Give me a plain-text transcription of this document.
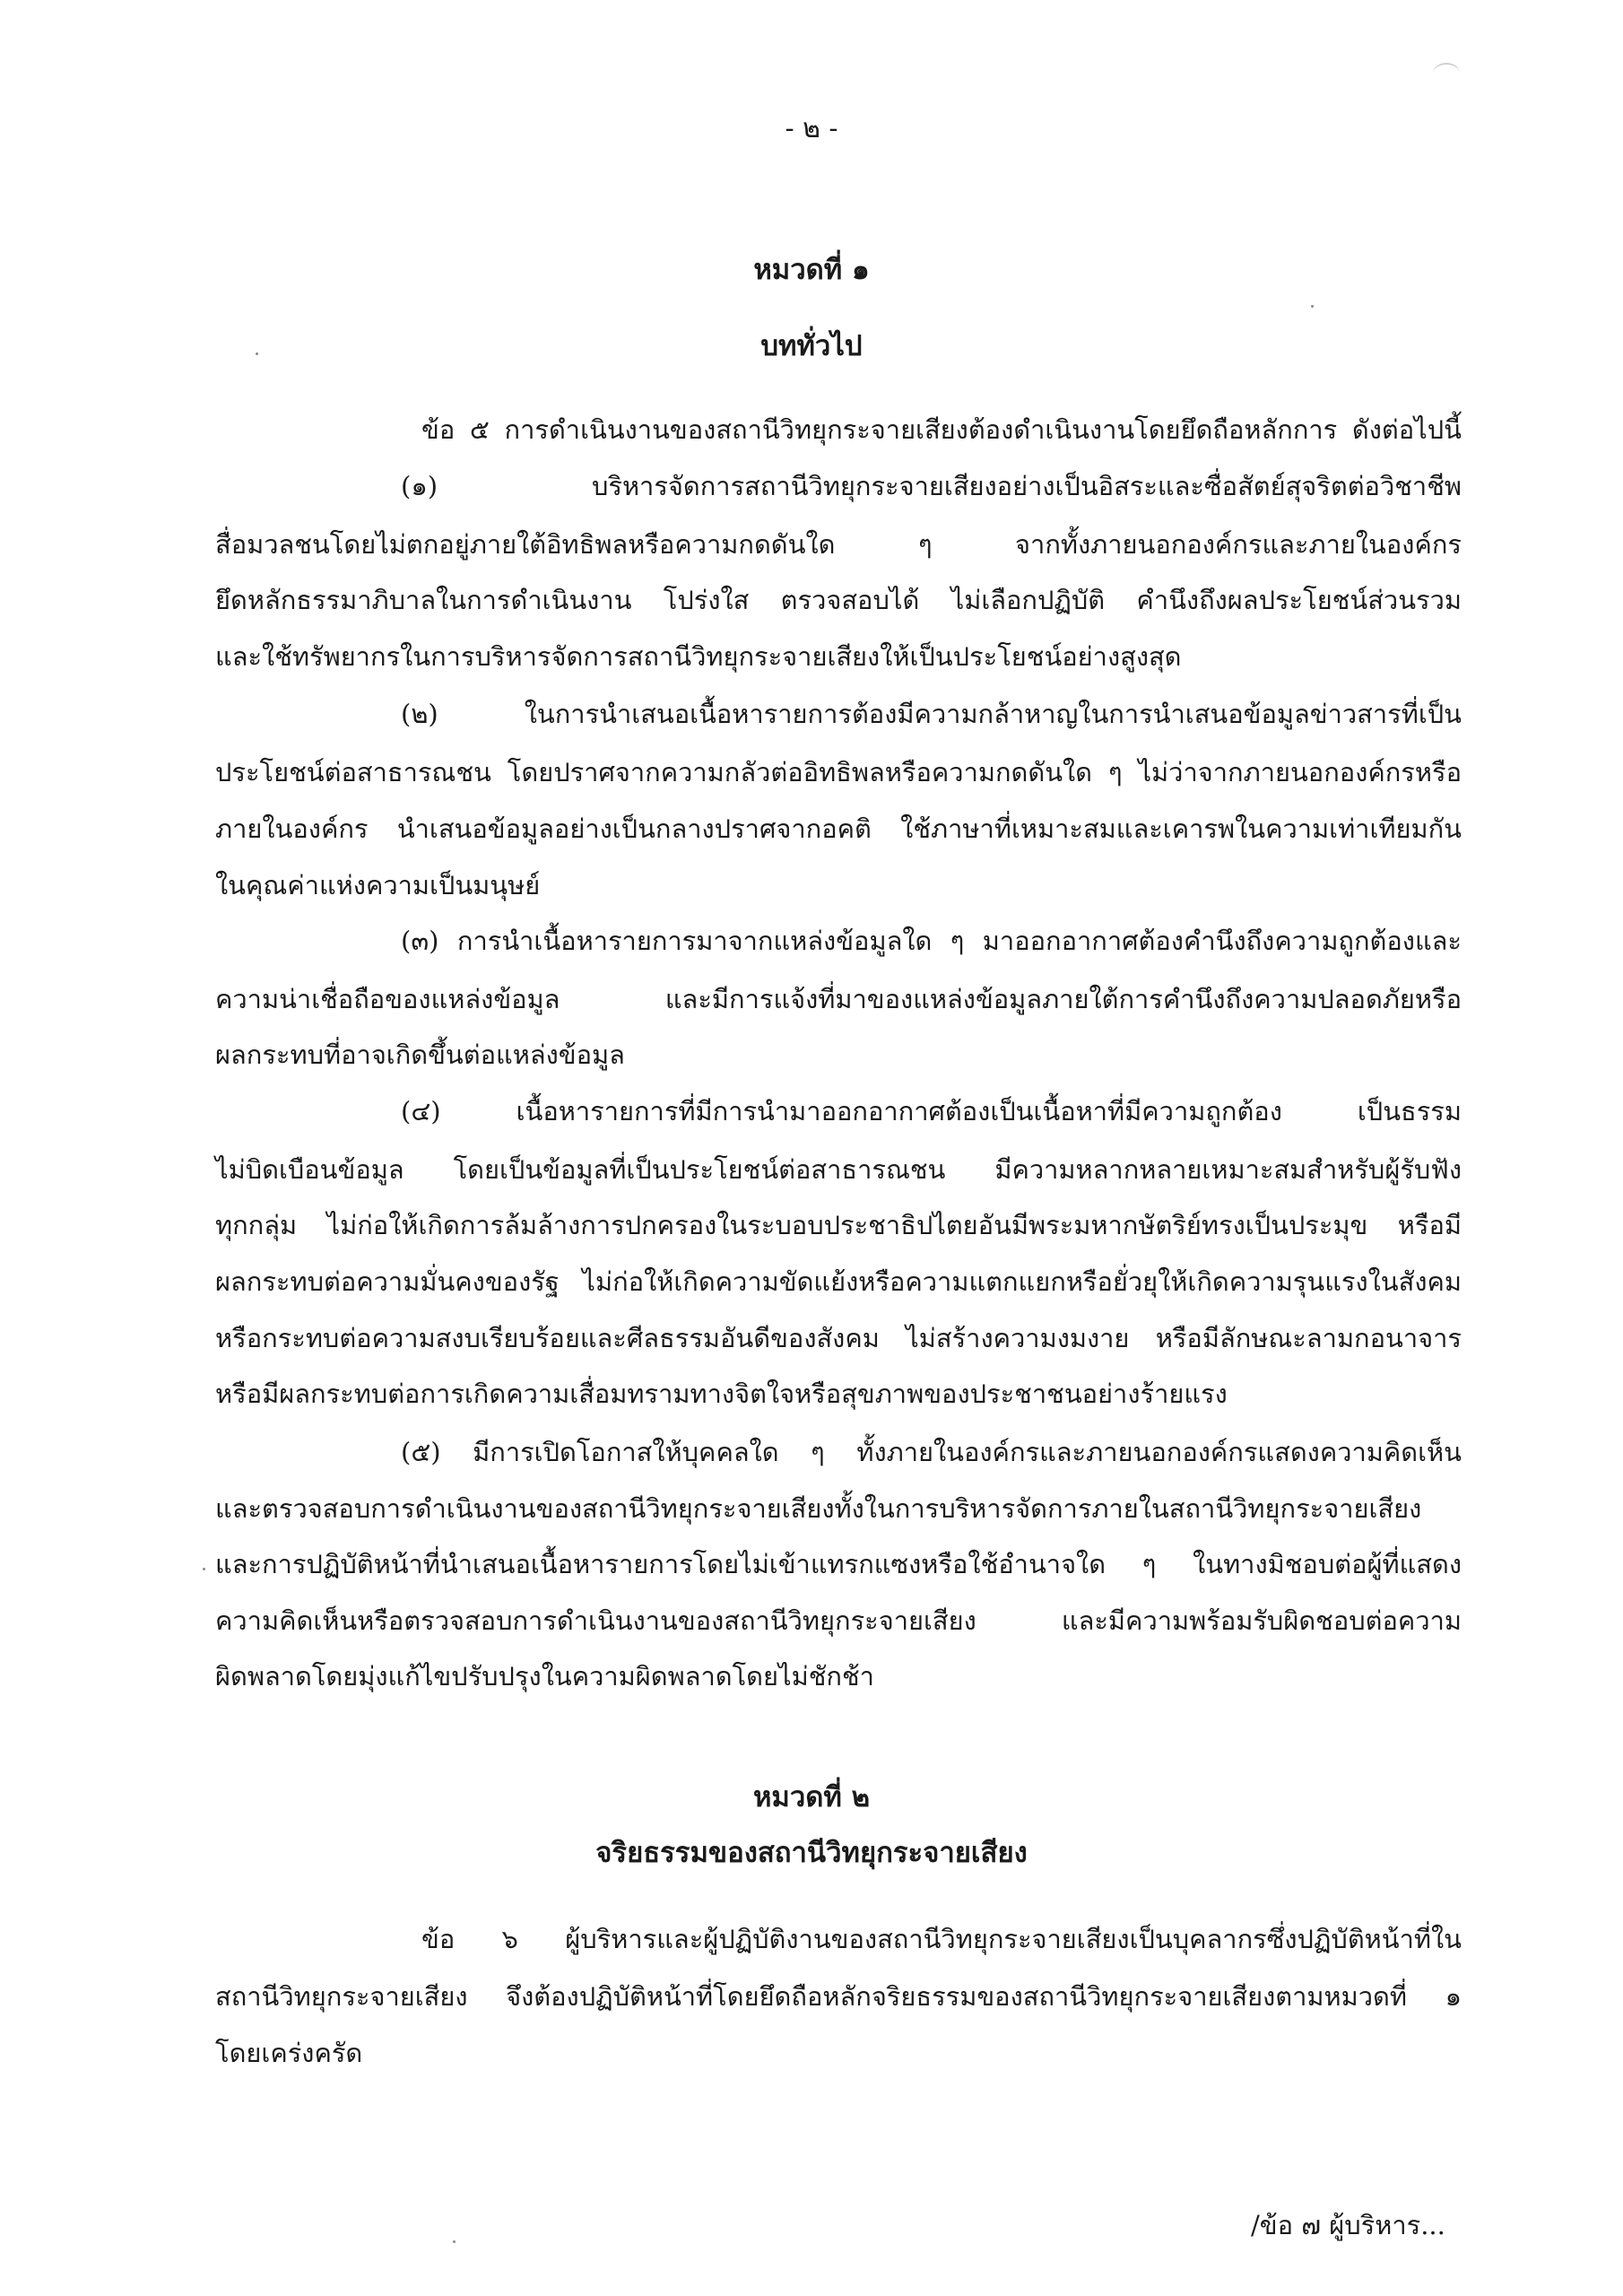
- ๒ -
หมวดที่ ๑
บททั่วไป
ข้อ ๕ การดำเนินงานของสถานีวิทยุกระจายเสียงต้องดำเนินงานโดยยึดถือหลักการ ดังต่อไปนี้
(๑) บริหารจัดการสถานีวิทยุกระจายเสียงอย่างเป็นอิสระและซื่อสัตย์สุจริตต่อวิชาชีพ
สื่อมวลชนโดยไม่ตกอยู่ภายใต้อิทธิพลหรือความกดดันใด ๆ จากทั้งภายนอกองค์กรและภายในองค์กร
ยึดหลักธรรมาภิบาลในการดำเนินงาน โปร่งใส ตรวจสอบได้ ไม่เลือกปฏิบัติ คำนึงถึงผลประโยชน์ส่วนรวม
และใช้ทรัพยากรในการบริหารจัดการสถานีวิทยุกระจายเสียงให้เป็นประโยชน์อย่างสูงสุด
(๒) ในการนำเสนอเนื้อหารายการต้องมีความกล้าหาญในการนำเสนอข้อมูลข่าวสารที่เป็น
ประโยชน์ต่อสาธารณชน โดยปราศจากความกลัวต่ออิทธิพลหรือความกดดันใด ๆ ไม่ว่าจากภายนอกองค์กรหรือ
ภายในองค์กร นำเสนอข้อมูลอย่างเป็นกลางปราศจากอคติ ใช้ภาษาที่เหมาะสมและเคารพในความเท่าเทียมกัน
ในคุณค่าแห่งความเป็นมนุษย์
(๓) การนำเนื้อหารายการมาจากแหล่งข้อมูลใด ๆ มาออกอากาศต้องคำนึงถึงความถูกต้องและ
ความน่าเชื่อถือของแหล่งข้อมูล และมีการแจ้งที่มาของแหล่งข้อมูลภายใต้การคำนึงถึงความปลอดภัยหรือ
ผลกระทบที่อาจเกิดขึ้นต่อแหล่งข้อมูล
(๔) เนื้อหารายการที่มีการนำมาออกอากาศต้องเป็นเนื้อหาที่มีความถูกต้อง เป็นธรรม
ไม่บิดเบือนข้อมูล โดยเป็นข้อมูลที่เป็นประโยชน์ต่อสาธารณชน มีความหลากหลายเหมาะสมสำหรับผู้รับฟัง
ทุกกลุ่ม ไม่ก่อให้เกิดการล้มล้างการปกครองในระบอบประชาธิปไตยอันมีพระมหากษัตริย์ทรงเป็นประมุข หรือมี
ผลกระทบต่อความมั่นคงของรัฐ ไม่ก่อให้เกิดความขัดแย้งหรือความแตกแยกหรือยั่วยุให้เกิดความรุนแรงในสังคม
หรือกระทบต่อความสงบเรียบร้อยและศีลธรรมอันดีของสังคม ไม่สร้างความงมงาย หรือมีลักษณะลามกอนาจาร
หรือมีผลกระทบต่อการเกิดความเสื่อมทรามทางจิตใจหรือสุขภาพของประชาชนอย่างร้ายแรง
(๕) มีการเปิดโอกาสให้บุคคลใด ๆ ทั้งภายในองค์กรและภายนอกองค์กรแสดงความคิดเห็น
และตรวจสอบการดำเนินงานของสถานีวิทยุกระจายเสียงทั้งในการบริหารจัดการภายในสถานีวิทยุกระจายเสียง
และการปฏิบัติหน้าที่นำเสนอเนื้อหารายการโดยไม่เข้าแทรกแซงหรือใช้อำนาจใด ๆ ในทางมิชอบต่อผู้ที่แสดง
ความคิดเห็นหรือตรวจสอบการดำเนินงานของสถานีวิทยุกระจายเสียง และมีความพร้อมรับผิดชอบต่อความ
ผิดพลาดโดยมุ่งแก้ไขปรับปรุงในความผิดพลาดโดยไม่ชักช้า
หมวดที่ ๒
จริยธรรมของสถานีวิทยุกระจายเสียง
ข้อ ๖ ผู้บริหารและผู้ปฏิบัติงานของสถานีวิทยุกระจายเสียงเป็นบุคลากรซึ่งปฏิบัติหน้าที่ใน
สถานีวิทยุกระจายเสียง จึงต้องปฏิบัติหน้าที่โดยยึดถือหลักจริยธรรมของสถานีวิทยุกระจายเสียงตามหมวดที่ ๑
โดยเคร่งครัด
/ข้อ ๗ ผู้บริหาร...
